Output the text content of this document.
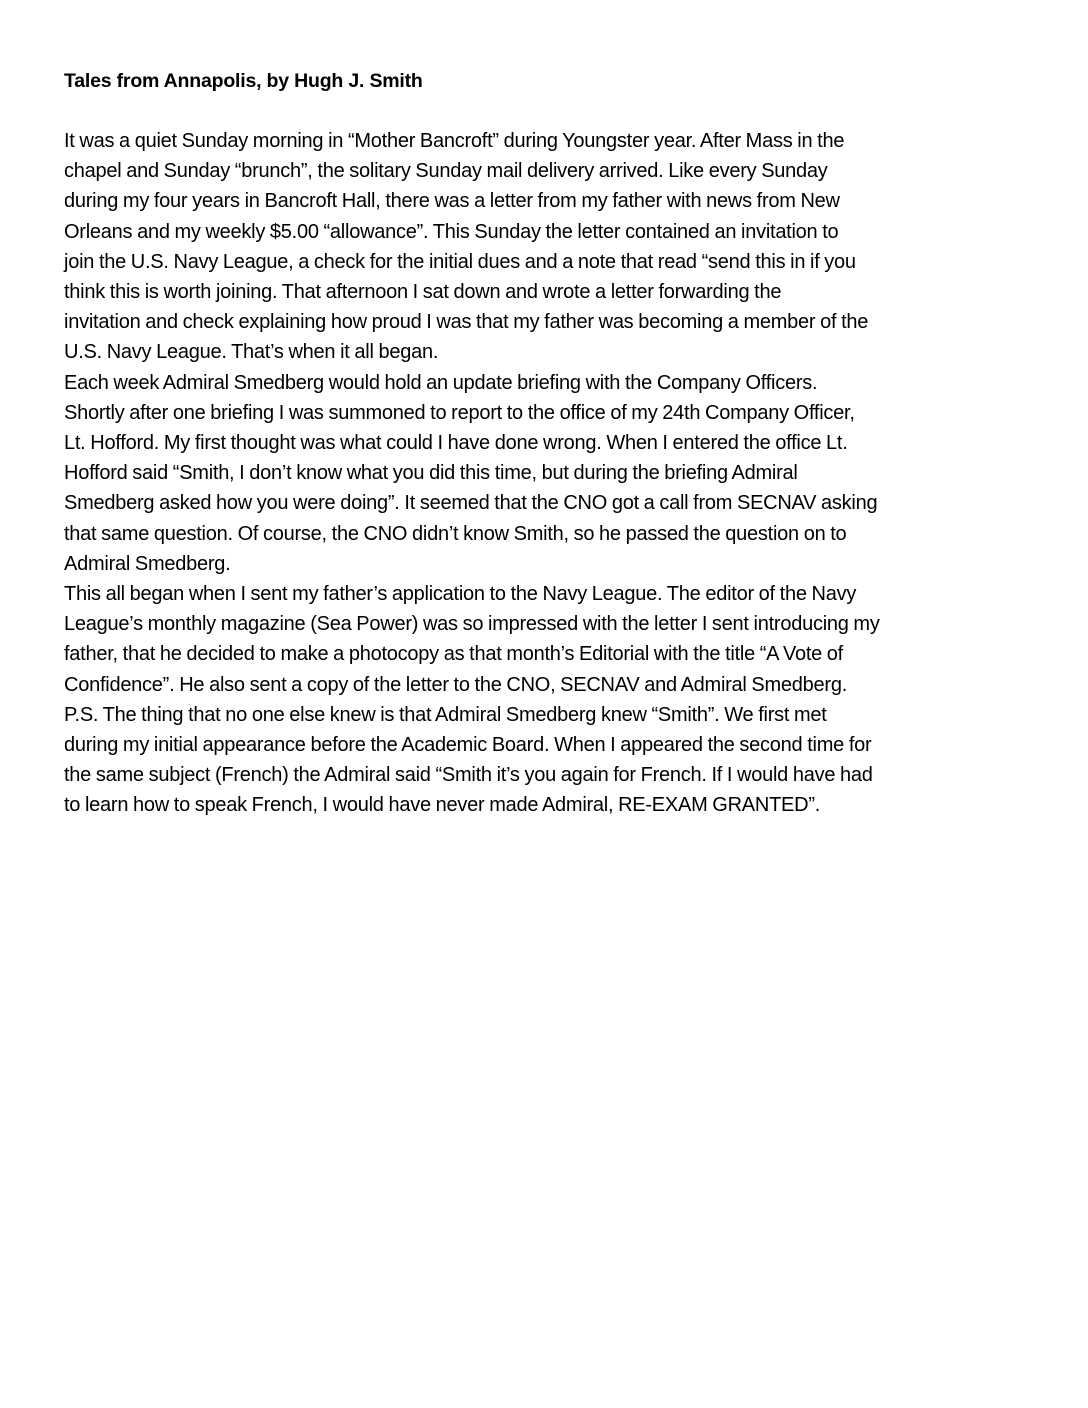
Tales from Annapolis, by Hugh J. Smith

It was a quiet Sunday morning in “Mother Bancroft” during Youngster year. After Mass in the
chapel and Sunday “brunch”, the solitary Sunday mail delivery arrived. Like every Sunday
during my four years in Bancroft Hall, there was a letter from my father with news from New
Orleans and my weekly $5.00 “allowance”. This Sunday the letter contained an invitation to
join the U.S. Navy League, a check for the initial dues and a note that read “send this in if you
think this is worth joining. That afternoon I sat down and wrote a letter forwarding the
invitation and check explaining how proud I was that my father was becoming a member of the
U.S. Navy League. That’s when it all began.

Each week Admiral Smedberg would hold an update briefing with the Company Officers.
Shortly after one briefing I was summoned to report to the office of my 24th Company Officer,
Lt. Hofford. My first thought was what could I have done wrong. When I entered the office Lt.
Hofford said “Smith, I don’t know what you did this time, but during the briefing Admiral
Smedberg asked how you were doing”. It seemed that the CNO got a call from SECNAV asking
that same question. Of course, the CNO didn’t know Smith, so he passed the question on to
Admiral Smedberg.

This all began when I sent my father’s application to the Navy League. The editor of the Navy
League’s monthly magazine (Sea Power) was so impressed with the letter I sent introducing my
father, that he decided to make a photocopy as that month’s Editorial with the title “A Vote of
Confidence”. He also sent a copy of the letter to the CNO, SECNAV and Admiral Smedberg.

P.S. The thing that no one else knew is that Admiral Smedberg knew “Smith”. We first met
during my initial appearance before the Academic Board. When I appeared the second time for
the same subject (French) the Admiral said “Smith it’s you again for French. If I would have had
to learn how to speak French, I would have never made Admiral, RE-EXAM GRANTED”.
